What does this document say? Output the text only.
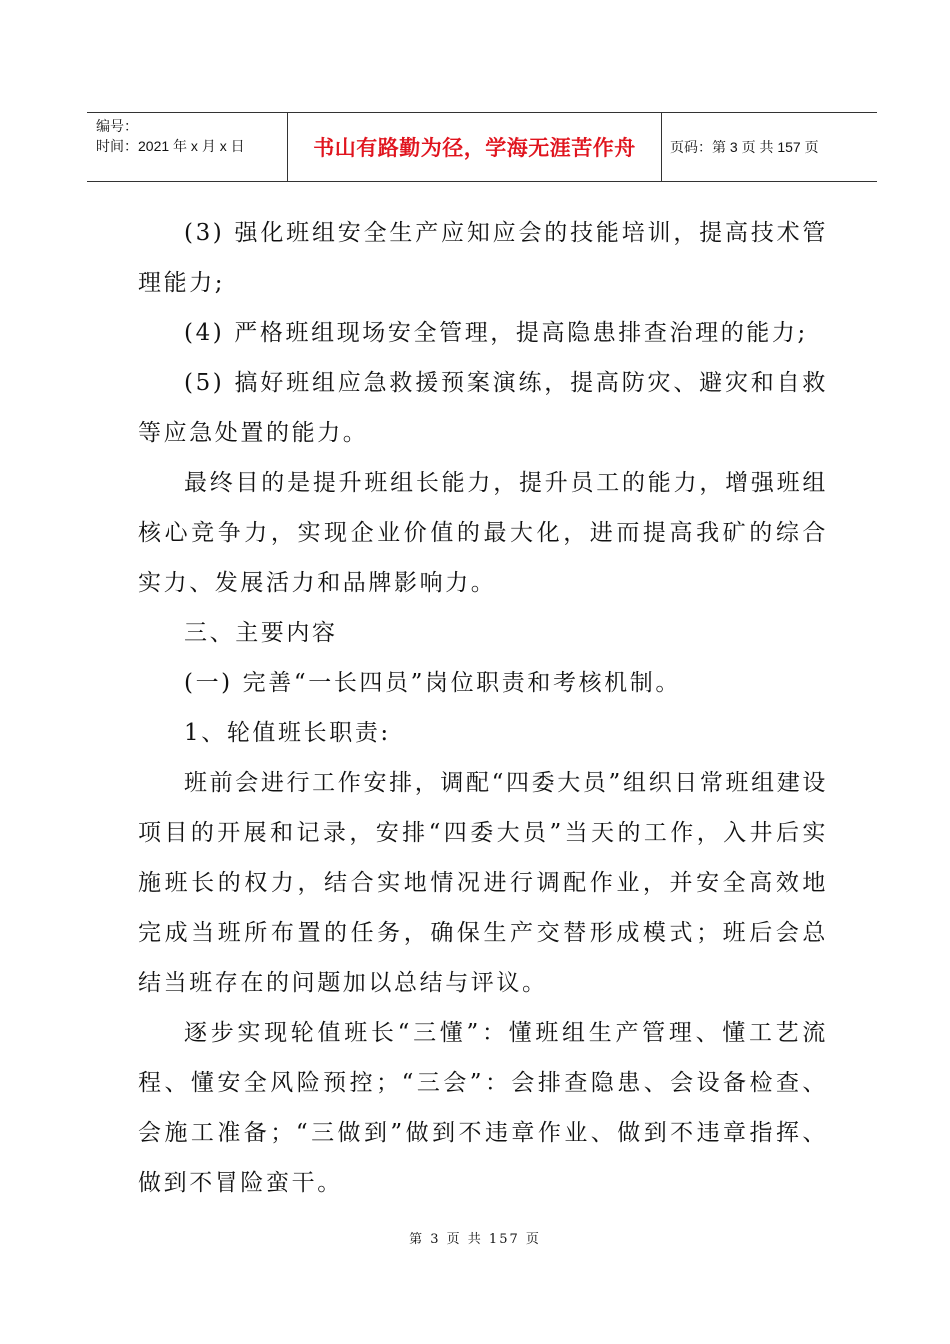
编号：
时间：2021 年 x 月 x 日	书山有路勤为径，学海无涯苦作舟 页码：第 3 页 共 157 页

(3) 强化班组安全生产应知应会的技能培训，提高技术管理能力;

(4) 严格班组现场安全管理，提高隐患排查治理的能力;

(5) 搞好班组应急救援预案演练，提高防灾、避灾和自救等应急处置的能力。

最终目的是提升班组长能力，提升员工的能力，增强班组核心竞争力，实现企业价值的最大化，进而提高我矿的综合实力、发展活力和品牌影响力。

三、主要内容

(一) 完善“一长四员”岗位职责和考核机制。

1、轮值班长职责:

班前会进行工作安排，调配“四委大员”组织日常班组建设项目的开展和记录，安排“四委大员”当天的工作，入井后实施班长的权力，结合实地情况进行调配作业，并安全高效地完成当班所布置的任务，确保生产交替形成模式；班后会总结当班存在的问题加以总结与评议。

逐步实现轮值班长“三懂”：懂班组生产管理、懂工艺流程、懂安全风险预控；“三会”：会排查隐患、会设备检查、会施工准备；“三做到”做到不违章作业、做到不违章指挥、做到不冒险蛮干。

第 3 页 共 157 页
